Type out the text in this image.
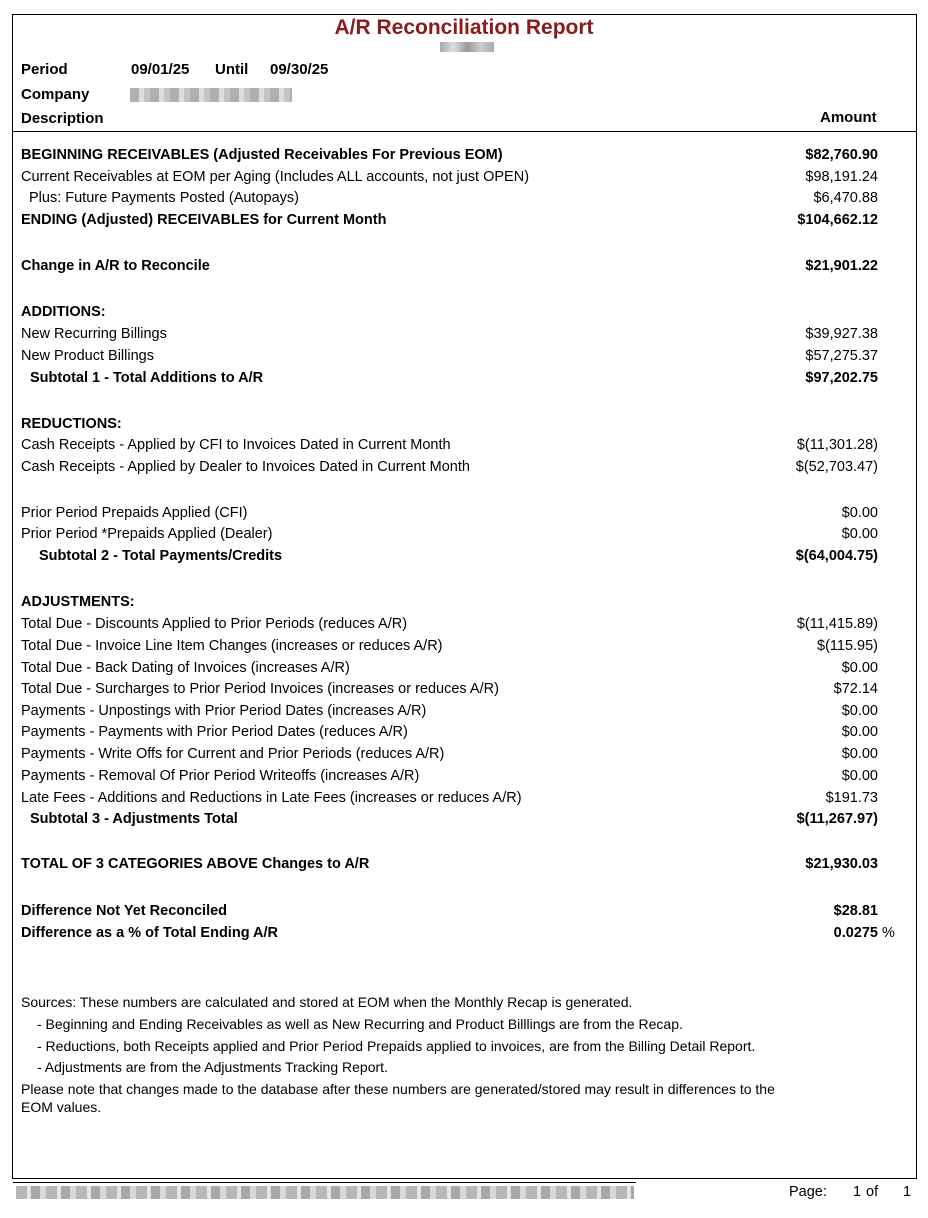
A/R Reconciliation Report
Period	09/01/25 Until 09/30/25
Company
Description	Amount
BEGINNING RECEIVABLES (Adjusted Receivables For Previous EOM)	$82,760.90
Current Receivables at EOM per Aging (Includes ALL accounts, not just OPEN)	$98,191.24
Plus: Future Payments Posted (Autopays)	$6,470.88
ENDING (Adjusted) RECEIVABLES for Current Month	$104,662.12
Change in A/R to Reconcile	$21,901.22
ADDITIONS:
New Recurring Billings	$39,927.38
New Product Billings	$57,275.37
Subtotal 1 - Total Additions to A/R	$97,202.75
REDUCTIONS:
Cash Receipts - Applied by CFI to Invoices Dated in Current Month	$(11,301.28)
Cash Receipts - Applied by Dealer to Invoices Dated in Current Month	$(52,703.47)
Prior Period Prepaids Applied (CFI)	$0.00
Prior Period *Prepaids Applied (Dealer)	$0.00
Subtotal 2 - Total Payments/Credits	$(64,004.75)
ADJUSTMENTS:
Total Due - Discounts Applied to Prior Periods (reduces A/R)	$(11,415.89)
Total Due - Invoice Line Item Changes (increases or reduces A/R)	$(115.95)
Total Due - Back Dating of Invoices (increases A/R)	$0.00
Total Due - Surcharges to Prior Period Invoices (increases or reduces A/R)	$72.14
Payments - Unpostings with Prior Period Dates (increases A/R)	$0.00
Payments - Payments with Prior Period Dates (reduces A/R)	$0.00
Payments - Write Offs for Current and Prior Periods (reduces A/R)	$0.00
Payments - Removal Of Prior Period Writeoffs (increases A/R)	$0.00
Late Fees - Additions and Reductions in Late Fees (increases or reduces A/R)	$191.73
Subtotal 3 - Adjustments Total	$(11,267.97)
TOTAL OF 3 CATEGORIES ABOVE Changes to A/R	$21,930.03
Difference Not Yet Reconciled	$28.81
Difference as a % of Total Ending A/R	0.0275 %
Sources: These numbers are calculated and stored at EOM when the Monthly Recap is generated.
- Beginning and Ending Receivables as well as New Recurring and Product Billlings are from the Recap.
- Reductions, both Receipts applied and Prior Period Prepaids applied to invoices, are from the Billing Detail Report.
- Adjustments are from the Adjustments Tracking Report.
Please note that changes made to the database after these numbers are generated/stored may result in differences to the
EOM values.
Page: 1 of 1
